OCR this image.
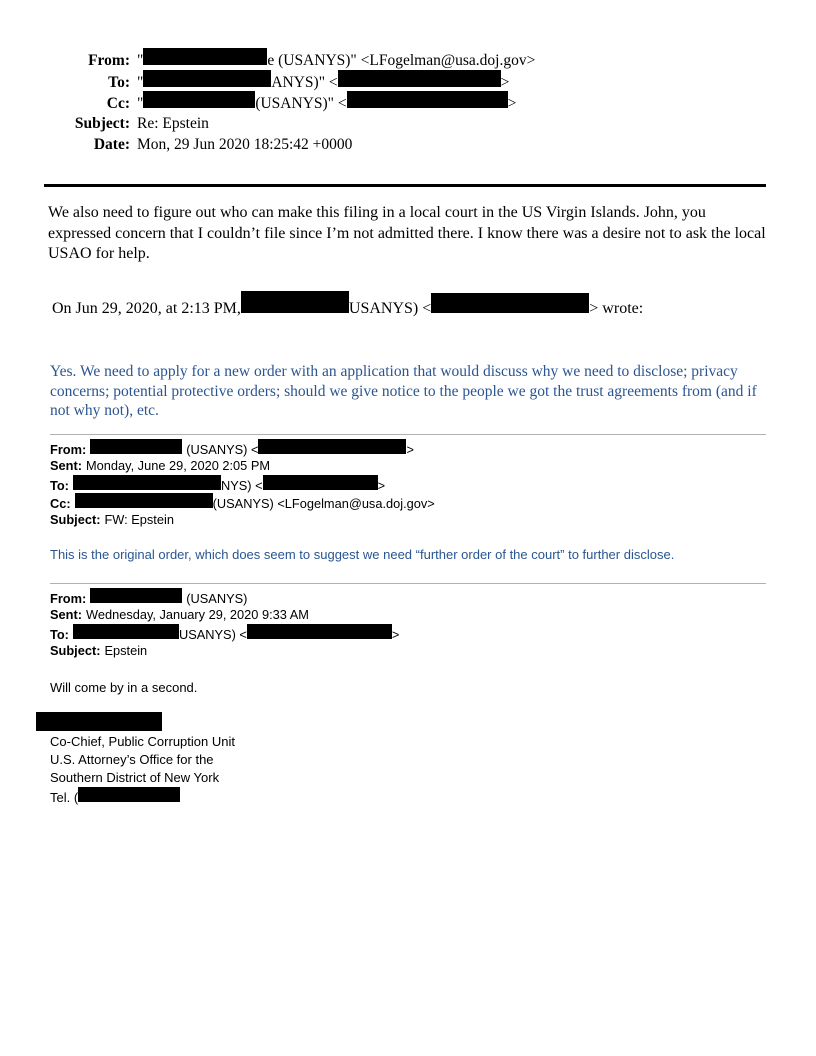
From: "	e (USANYS)" < LFogelman@usa.doj.gov>
To: "	ANYS)" <	>
Cc: "	(USANYS)" <	>
Subject: Re: Epstein
Date: Mon, 29 Jun 2020 18:25:42 +0000
We also need to figure out who can make this filing in a local court in the US Virgin Islands. John, you expressed concern that I couldn’t file since I’m not admitted there. I know there was a desire not to ask the local USAO for help.
On Jun 29, 2020, at 2:13 PM,	USANYS) <	> wrote:
Yes. We need to apply for a new order with an application that would discuss why we need to disclose; privacy concerns; potential protective orders; should we give notice to the people we got the trust agreements from (and if not why not), etc.
From:	(USANYS) <	>
Sent: Monday, June 29, 2020 2:05 PM
To:	NYS) <	>
Cc:	(USANYS) <LFogelman@usa.doj.gov>
Subject: FW: Epstein
This is the original order, which does seem to suggest we need “further order of the court” to further disclose.
From:	(USANYS)
Sent: Wednesday, January 29, 2020 9:33 AM
To:	USANYS) <	>
Subject: Epstein
Will come by in a second.
Co-Chief, Public Corruption Unit
U.S. Attorney’s Office for the
Southern District of New York
Tel. (
